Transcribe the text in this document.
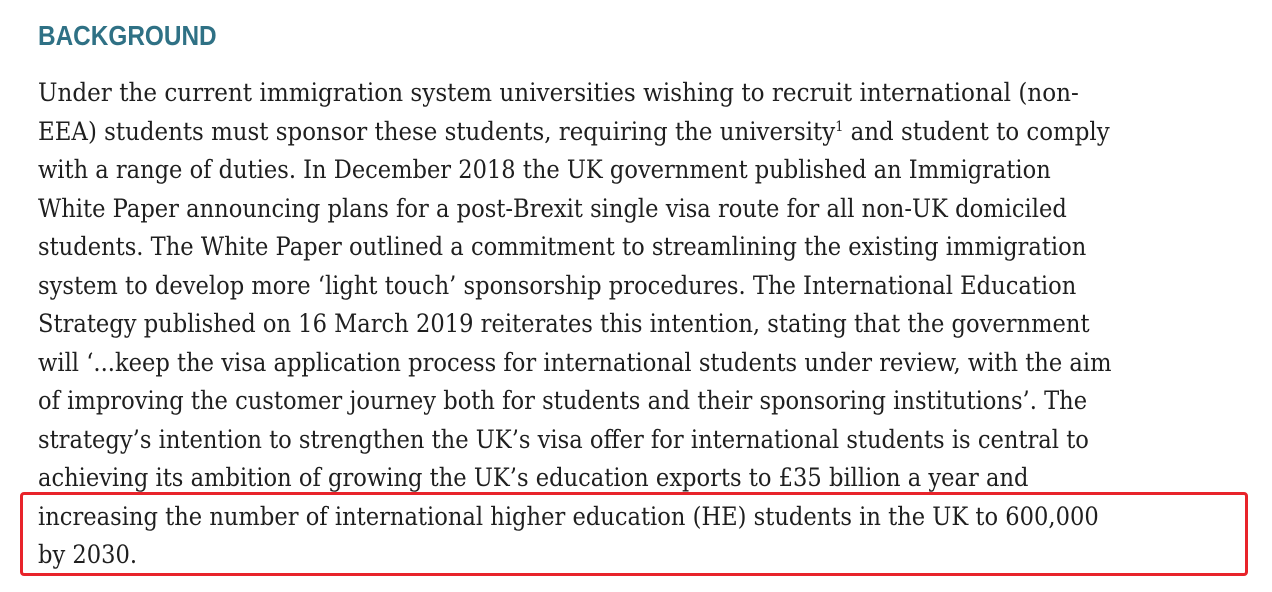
BACKGROUND
Under the current immigration system universities wishing to recruit international (non-
EEA) students must sponsor these students, requiring the university$^1$ and student to comply
with a range of duties. In December 2018 the UK government published an Immigration
White Paper announcing plans for a post-Brexit single visa route for all non-UK domiciled
students. The White Paper outlined a commitment to streamlining the existing immigration
system to develop more ‘light touch’ sponsorship procedures. The International Education
Strategy published on 16 March 2019 reiterates this intention, stating that the government
will ‘...keep the visa application process for international students under review, with the aim
of improving the customer journey both for students and their sponsoring institutions’. The
strategy’s intention to strengthen the UK’s visa offer for international students is central to
achieving its ambition of growing the UK’s education exports to £35 billion a year and
increasing the number of international higher education (HE) students in the UK to 600,000
by 2030.
